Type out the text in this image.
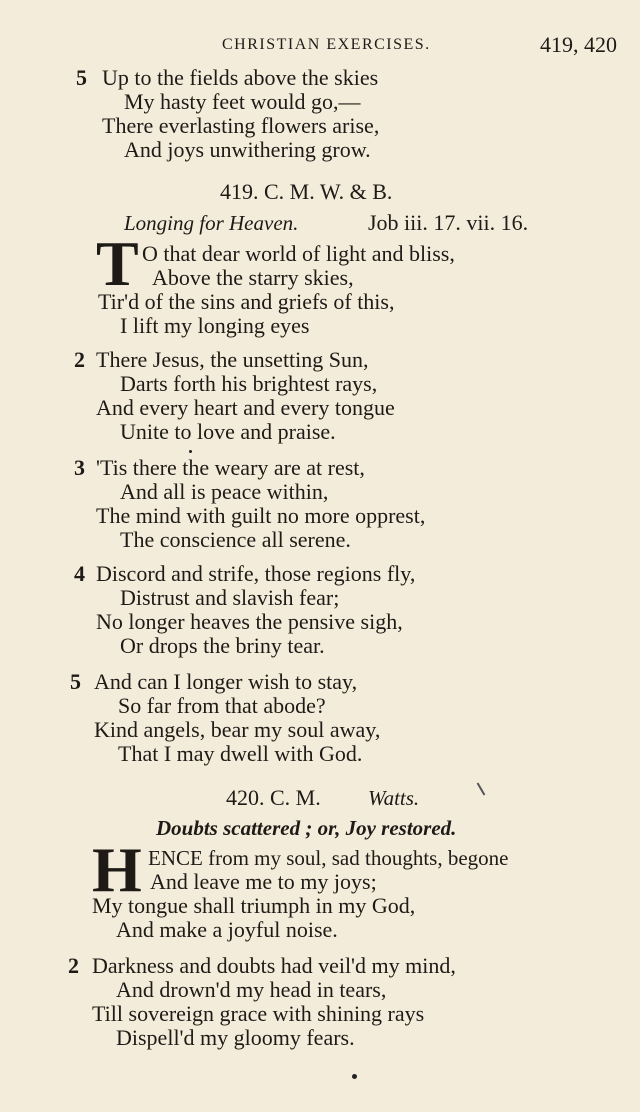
CHRISTIAN EXERCISES.	419, 420
5 Up to the fields above the skies
My hasty feet would go,—
There everlasting flowers arise,
And joys unwithering grow.
419. C. M. W. & B.
Longing for Heaven.	Job iii. 17. vii. 16.
T O that dear world of light and bliss,
Above the starry skies,
Tir'd of the sins and griefs of this,
I lift my longing eyes
2 There Jesus, the unsetting Sun,
Darts forth his brightest rays,
And every heart and every tongue
Unite to love and praise.
3 'Tis there the weary are at rest,
And all is peace within,
The mind with guilt no more opprest,
The conscience all serene.
4 Discord and strife, those regions fly,
Distrust and slavish fear;
No longer heaves the pensive sigh,
Or drops the briny tear.
5 And can I longer wish to stay,
So far from that abode?
Kind angels, bear my soul away,
That I may dwell with God.
420. C. M. Watts.
Doubts scattered ; or, Joy restored.
H ENCE from my soul, sad thoughts, begone
And leave me to my joys;
My tongue shall triumph in my God,
And make a joyful noise.
2 Darkness and doubts had veil'd my mind,
And drown'd my head in tears,
Till sovereign grace with shining rays
Dispell'd my gloomy fears.
